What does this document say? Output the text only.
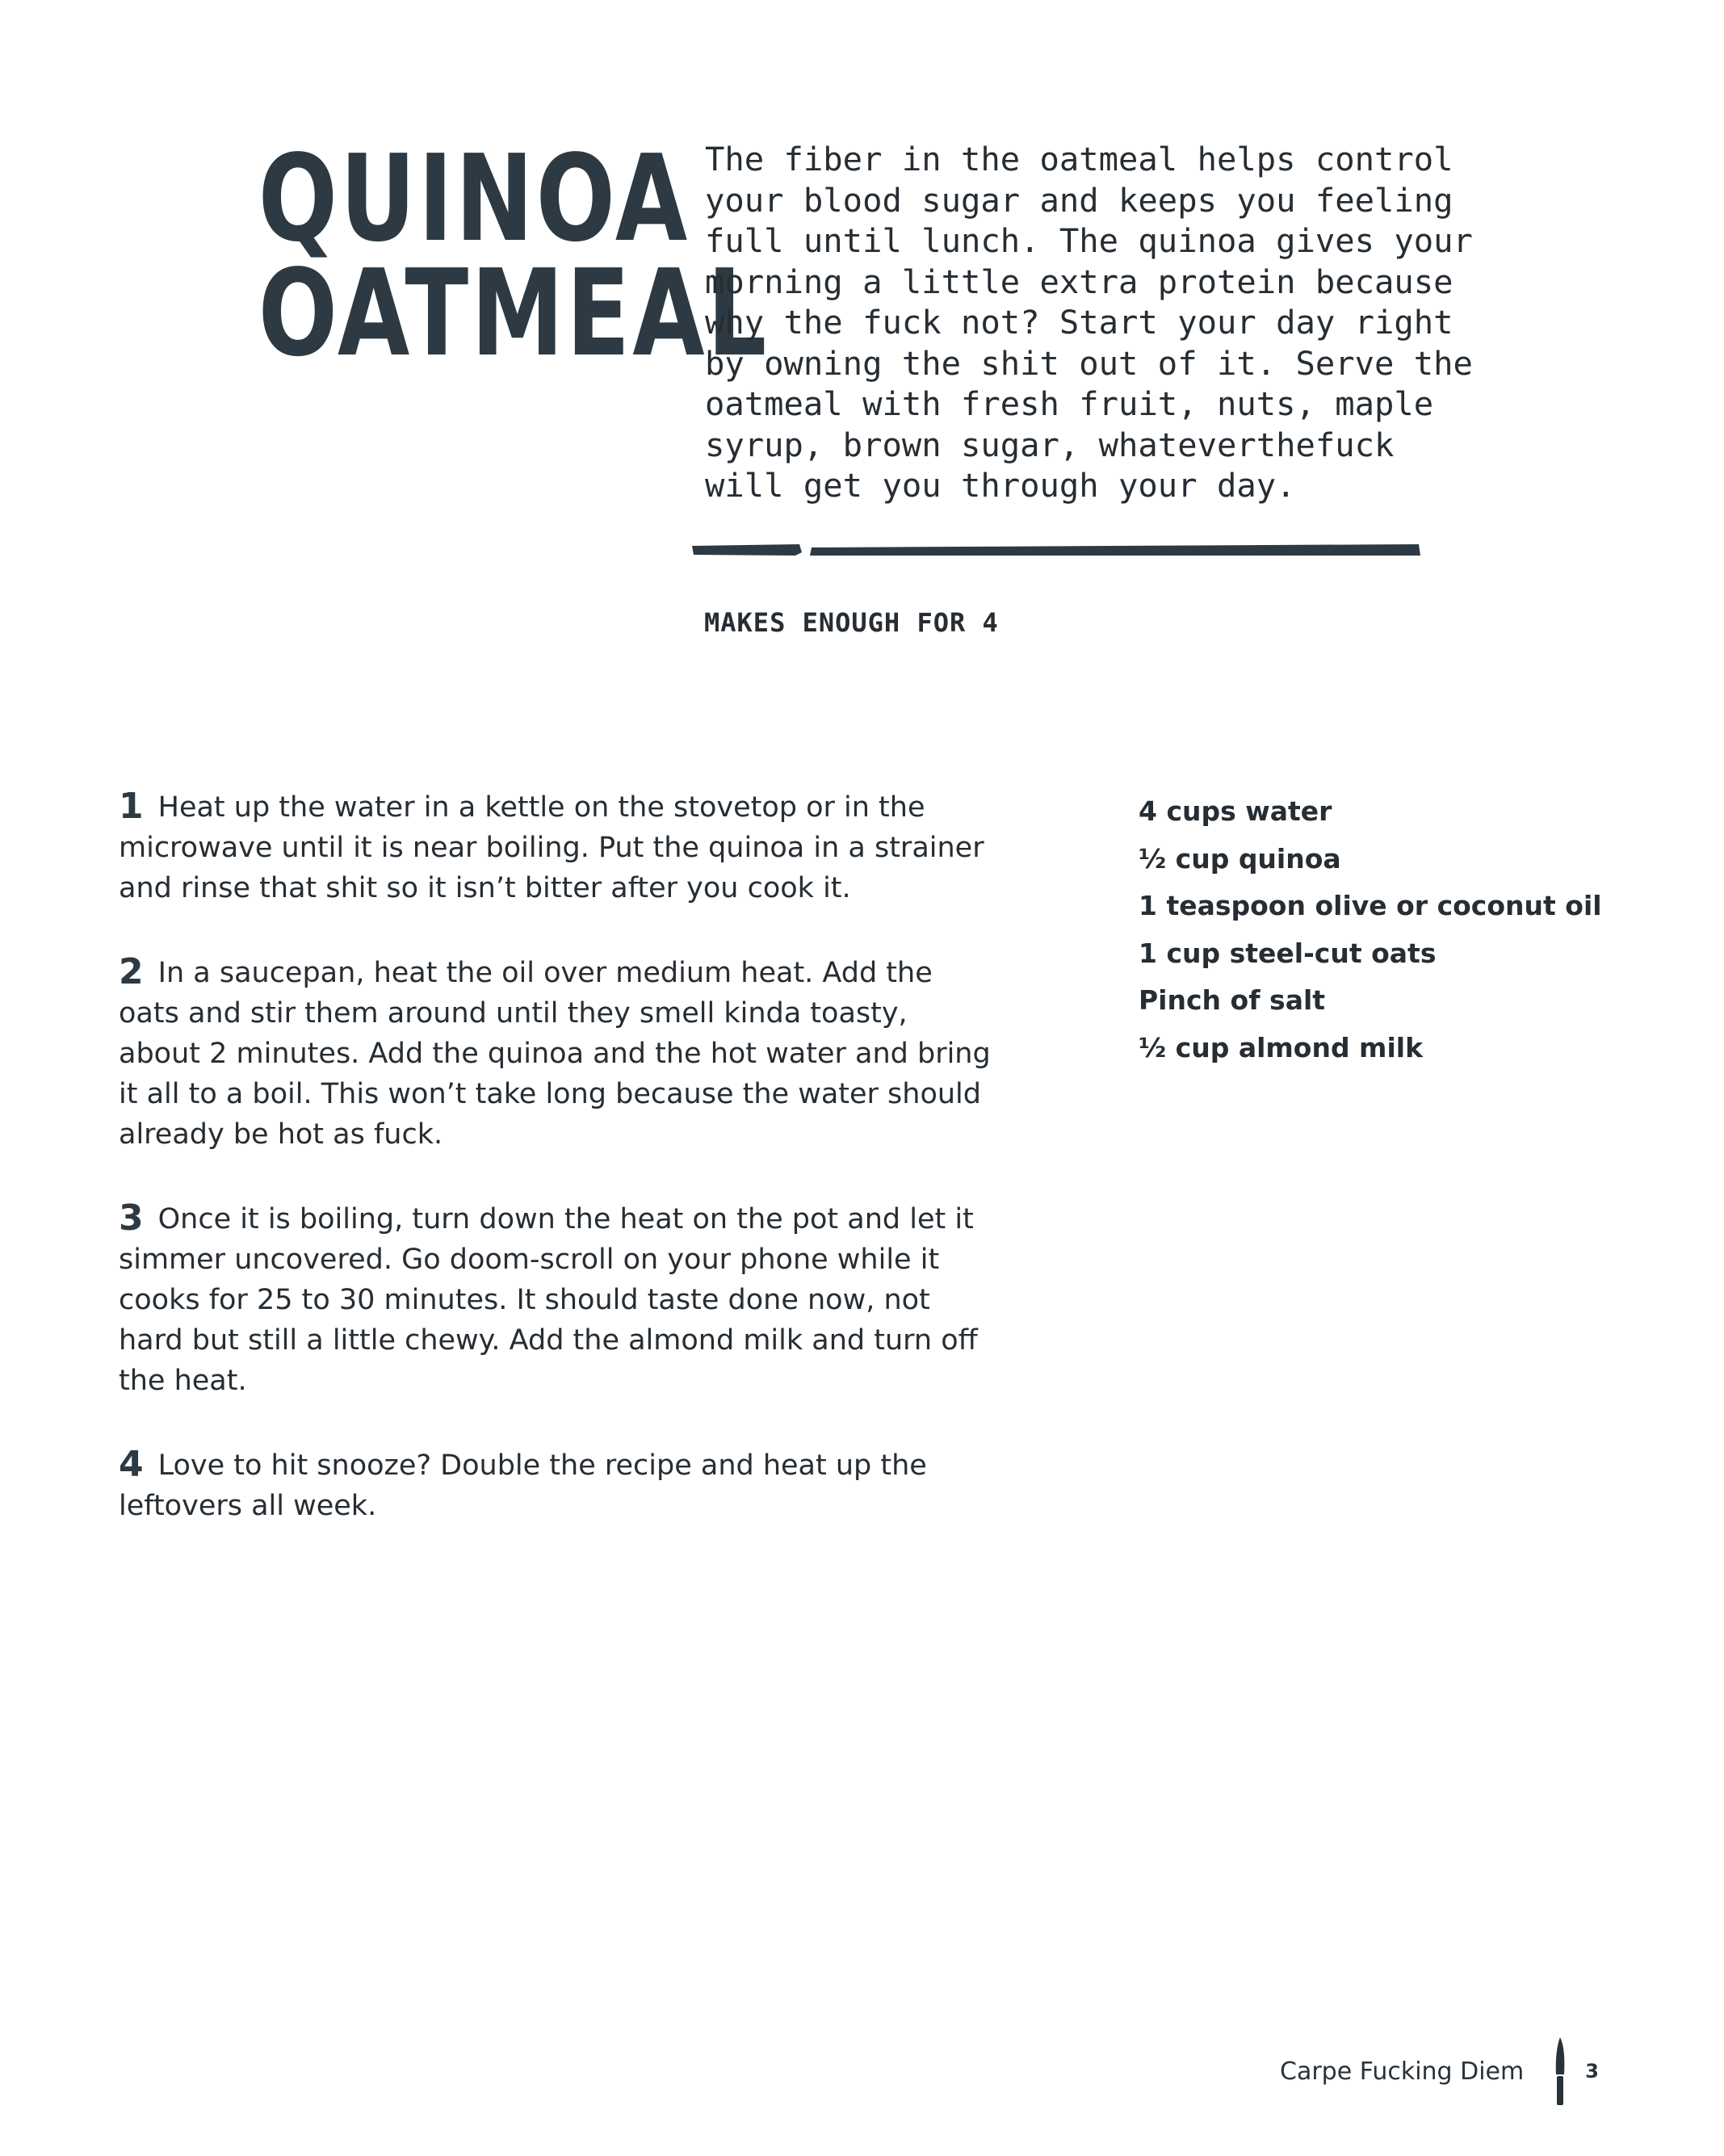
QUINOA
OATMEAL
The fiber in the oatmeal helps control
your blood sugar and keeps you feeling
full until lunch. The quinoa gives your
morning a little extra protein because
why the fuck not? Start your day right
by owning the shit out of it. Serve the
oatmeal with fresh fruit, nuts, maple
syrup, brown sugar, whateverthefuck
will get you through your day.
MAKES ENOUGH FOR 4

1 Heat up the water in a kettle on the stovetop or in the microwave until it is near boiling. Put the quinoa in a strainer and rinse that shit so it isn’t bitter after you cook it.

2 In a saucepan, heat the oil over medium heat. Add the oats and stir them around until they smell kinda toasty, about 2 minutes. Add the quinoa and the hot water and bring it all to a boil. This won’t take long because the water should already be hot as fuck.

3 Once it is boiling, turn down the heat on the pot and let it simmer uncovered. Go doom-scroll on your phone while it cooks for 25 to 30 minutes. It should taste done now, not hard but still a little chewy. Add the almond milk and turn off the heat.

4 Love to hit snooze? Double the recipe and heat up the leftovers all week.

4 cups water
½ cup quinoa
1 teaspoon olive or coconut oil
1 cup steel-cut oats
Pinch of salt
½ cup almond milk
Carpe Fucking Diem	3
